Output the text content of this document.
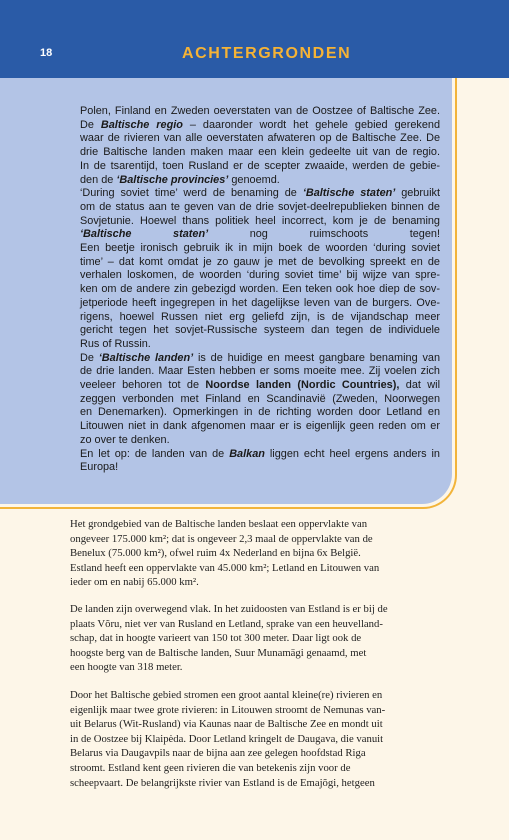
18	ACHTERGRONDEN
Polen, Finland en Zweden oeverstaten van de Oostzee of Baltische Zee.
De Baltische regio – daaronder wordt het gehele gebied gerekend
waar de rivieren van alle oeverstaten afwateren op de Baltische Zee. De
drie Baltische landen maken maar een klein gedeelte uit van de regio.
In de tsarentijd, toen Rusland er de scepter zwaaide, werden de gebie-
den de ‘Baltische provincies’ genoemd.
‘During soviet time’ werd de benaming de ‘Baltische staten’ gebruikt
om de status aan te geven van de drie sovjet-deelrepublieken binnen de
Sovjetunie. Hoewel thans politiek heel incorrect, kom je de benaming
‘Baltische staten’ nog ruimschoots tegen!
Een beetje ironisch gebruik ik in mijn boek de woorden ‘during soviet
time’ – dat komt omdat je zo gauw je met de bevolking spreekt en de
verhalen loskomen, de woorden ‘during soviet time’ bij wijze van spre-
ken om de andere zin gebezigd worden. Een teken ook hoe diep de sov-
jetperiode heeft ingegrepen in het dagelijkse leven van de burgers. Ove-
rigens, hoewel Russen niet erg geliefd zijn, is de vijandschap meer
gericht tegen het sovjet-Russische systeem dan tegen de individuele
Rus of Russin.
De ‘Baltische landen’ is de huidige en meest gangbare benaming van
de drie landen. Maar Esten hebben er soms moeite mee. Zij voelen zich
veeleer behoren tot de Noordse landen (Nordic Countries), dat wil
zeggen verbonden met Finland en Scandinavië (Zweden, Noorwegen
en Denemarken). Opmerkingen in de richting worden door Letland en
Litouwen niet in dank afgenomen maar er is eigenlijk geen reden om er
zo over te denken.
En let op: de landen van de Balkan liggen echt heel ergens anders in
Europa!
Het grondgebied van de Baltische landen beslaat een oppervlakte van
ongeveer 175.000 km²; dat is ongeveer 2,3 maal de oppervlakte van de
Benelux (75.000 km²), ofwel ruim 4x Nederland en bijna 6x België.
Estland heeft een oppervlakte van 45.000 km²; Letland en Litouwen van
ieder om en nabij 65.000 km².
De landen zijn overwegend vlak. In het zuidoosten van Estland is er bij de
plaats Võru, niet ver van Rusland en Letland, sprake van een heuvelland-
schap, dat in hoogte varieert van 150 tot 300 meter. Daar ligt ook de
hoogste berg van de Baltische landen, Suur Munamägi genaamd, met
een hoogte van 318 meter.
Door het Baltische gebied stromen een groot aantal kleine(re) rivieren en
eigenlijk maar twee grote rivieren: in Litouwen stroomt de Nemunas van-
uit Belarus (Wit-Rusland) via Kaunas naar de Baltische Zee en mondt uit
in de Oostzee bij Klaipėda. Door Letland kringelt de Daugava, die vanuit
Belarus via Daugavpils naar de bijna aan zee gelegen hoofdstad Riga
stroomt. Estland kent geen rivieren die van betekenis zijn voor de
scheepvaart. De belangrijkste rivier van Estland is de Emajõgi, hetgeen
